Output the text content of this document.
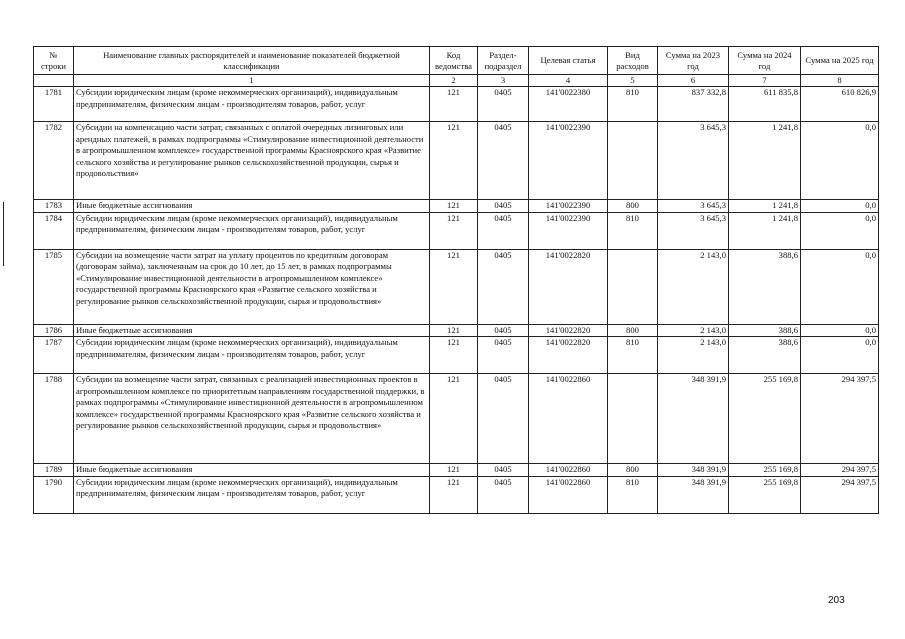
№ строки	Наименование главных распорядителей и наименование показателей бюджетной классификации	Код ведомства	Раздел-подраздел	Целевая статья	Вид расходов	Сумма на 2023 год	Сумма на 2024 год	Сумма на 2025 год
	1	2	3	4	5	6	7	8
1781	Субсидии юридическим лицам (кроме некоммерческих организаций), индивидуальным предпринимателям, физическим лицам - производителям товаров, работ, услуг	121	0405	141'0022380	810	837 332,8	611 835,8	610 826,9
1782	Субсидии на компенсацию части затрат, связанных с оплатой очередных лизинговых или арендных платежей, в рамках подпрограммы «Стимулирование инвестиционной деятельности в агропромышленном комплексе» государственной программы Красноярского края «Развитие сельского хозяйства и регулирование рынков сельскохозяйственной продукции, сырья и продовольствия»	121	0405	141'0022390		3 645,3	1 241,8	0,0
1783	Иные бюджетные ассигнования	121	0405	141'0022390	800	3 645,3	1 241,8	0,0
1784	Субсидии юридическим лицам (кроме некоммерческих организаций), индивидуальным предпринимателям, физическим лицам - производителям товаров, работ, услуг	121	0405	141'0022390	810	3 645,3	1 241,8	0,0
1785	Субсидии на возмещение части затрат на уплату процентов по кредитным договорам (договорам займа), заключенным на срок до 10 лет, до 15 лет, в рамках подпрограммы «Стимулирование инвестиционной деятельности в агропромышленном комплексе» государственной программы Красноярского края «Развитие сельского хозяйства и регулирование рынков сельскохозяйственной продукции, сырья и продовольствия»	121	0405	141'0022820		2 143,0	388,6	0,0
1786	Иные бюджетные ассигнования	121	0405	141'0022820	800	2 143,0	388,6	0,0
1787	Субсидии юридическим лицам (кроме некоммерческих организаций), индивидуальным предпринимателям, физическим лицам - производителям товаров, работ, услуг	121	0405	141'0022820	810	2 143,0	388,6	0,0
1788	Субсидии на возмещение части затрат, связанных с реализацией инвестиционных проектов в агропромышленном комплексе по приоритетным направлениям государственной поддержки, в рамках подпрограммы «Стимулирование инвестиционной деятельности в агропромышленном комплексе» государственной программы Красноярского края «Развитие сельского хозяйства и регулирование рынков сельскохозяйственной продукции, сырья и продовольствия»	121	0405	141'0022860		348 391,9	255 169,8	294 397,5
1789	Иные бюджетные ассигнования	121	0405	141'0022860	800	348 391,9	255 169,8	294 397,5
1790	Субсидии юридическим лицам (кроме некоммерческих организаций), индивидуальным предпринимателям, физическим лицам - производителям товаров, работ, услуг	121	0405	141'0022860	810	348 391,9	255 169,8	294 397,5
203
